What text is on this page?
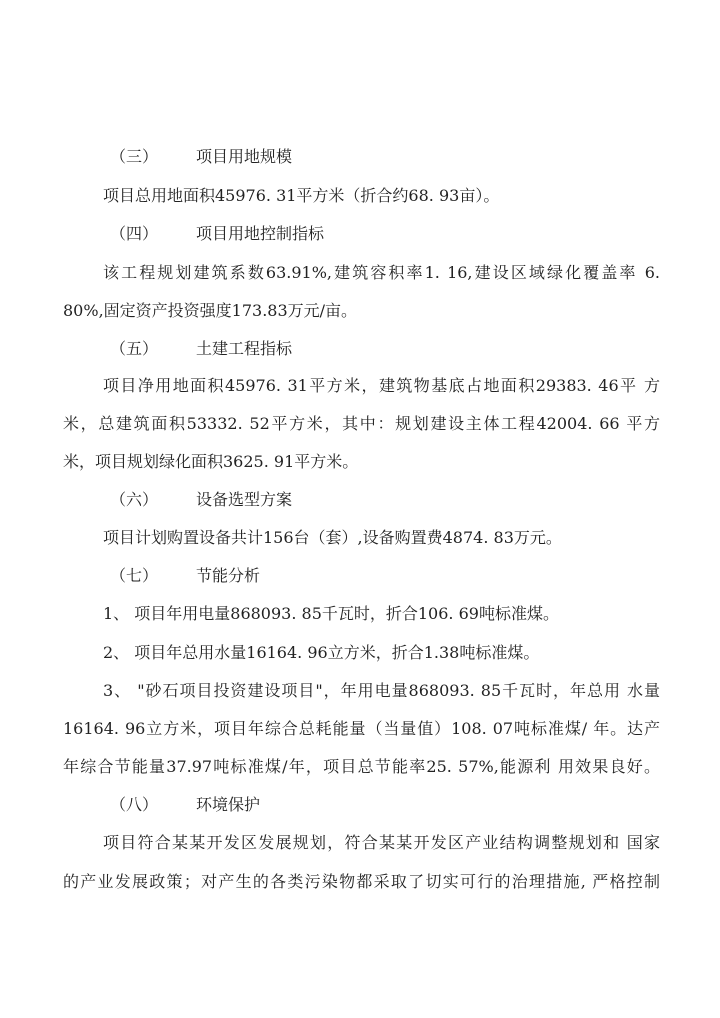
（三） 项目用地规模
项目总用地面积45976. 31平方米（折合约68. 93亩）。
（四） 项目用地控制指标
该工程规划建筑系数63.91%,建筑容积率1. 16,建设区域绿化覆盖率 6.
80%,固定资产投资强度173.83万元/亩。
（五） 土建工程指标
项目净用地面积45976. 31平方米，建筑物基底占地面积29383. 46平 方
米，总建筑面积53332. 52平方米，其中：规划建设主体工程42004. 66 平方
米，项目规划绿化面积3625. 91平方米。
（六） 设备选型方案
项目计划购置设备共计156台（套）,设备购置费4874. 83万元。
（七） 节能分析
1、 项目年用电量868093. 85千瓦时，折合106. 69吨标准煤。
2、 项目年总用水量16164. 96立方米，折合1.38吨标准煤。
3、 "砂石项目投资建设项目"，年用电量868093. 85千瓦时，年总用 水量
16164. 96立方米，项目年综合总耗能量（当量值）108. 07吨标准煤/ 年。达产
年综合节能量37.97吨标准煤/年，项目总节能率25. 57%,能源利 用效果良好。
（八） 环境保护
项目符合某某开发区发展规划，符合某某开发区产业结构调整规划和 国家
的产业发展政策；对产生的各类污染物都采取了切实可行的治理措施, 严格控制
